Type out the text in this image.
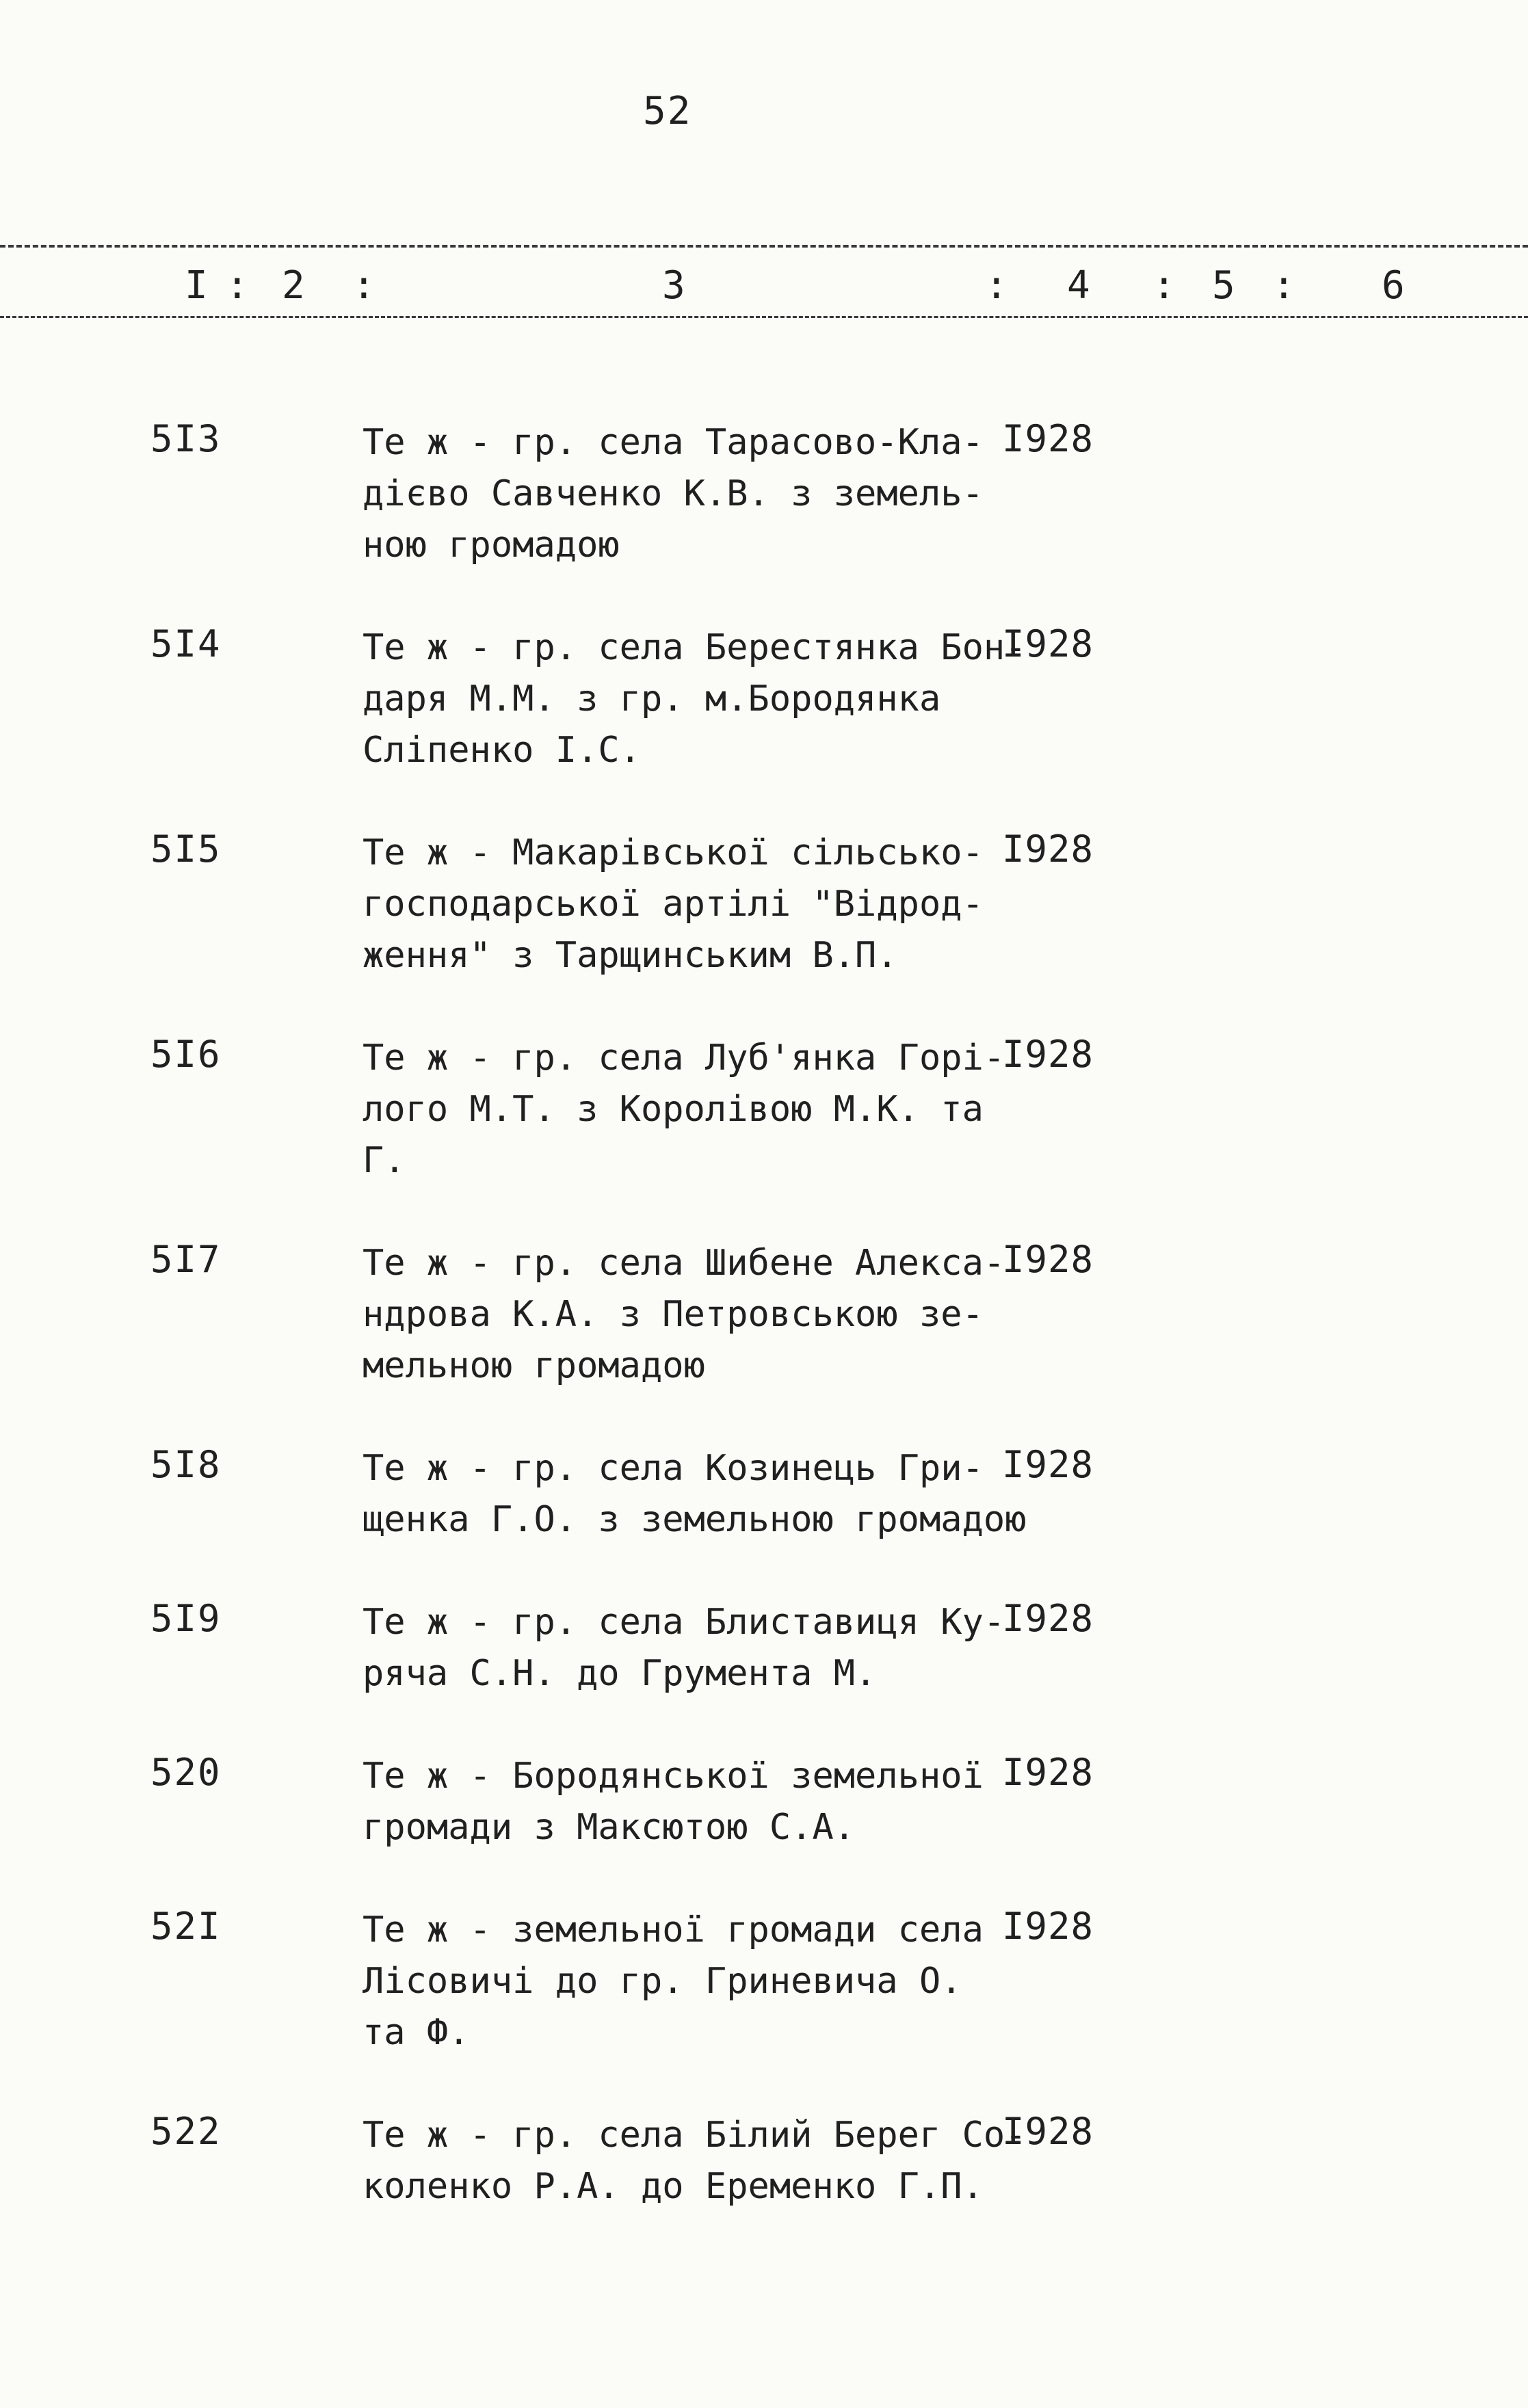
52
I : 2 :	3	: 4 : 5 : 6
5I3	Те ж - гр. села Тарасово-Кла-
дієво Савченко К.В. з земель-
ною громадою
I928
5I4	Те ж - гр. села Берестянка Бон-
даря М.М. з гр. м.Бородянка
Сліпенко І.С.
I928
5I5	Те ж - Макарівської сільсько-
господарської артілі "Відрод-
ження" з Тарщинським В.П.
I928
5I6	Те ж - гр. села Луб'янка Горі-
лого М.Т. з Королівою М.К. та
Г.
I928
5I7	Те ж - гр. села Шибене Алекса-
ндрова К.А. з Петровською зе-
мельною громадою
I928
5I8	Те ж - гр. села Козинець Гри-
щенка Г.О. з земельною громадою
I928
5I9	Те ж - гр. села Блиставиця Ку-
ряча С.Н. до Грумента М.
I928
520	Те ж - Бородянської земельної
громади з Максютою С.А.
I928
52I	Те ж - земельної громади села
Лісовичі до гр. Гриневича О.
та Ф.
I928
522	Те ж - гр. села Білий Берег Со-
коленко Р.А. до Еременко Г.П.
I928
